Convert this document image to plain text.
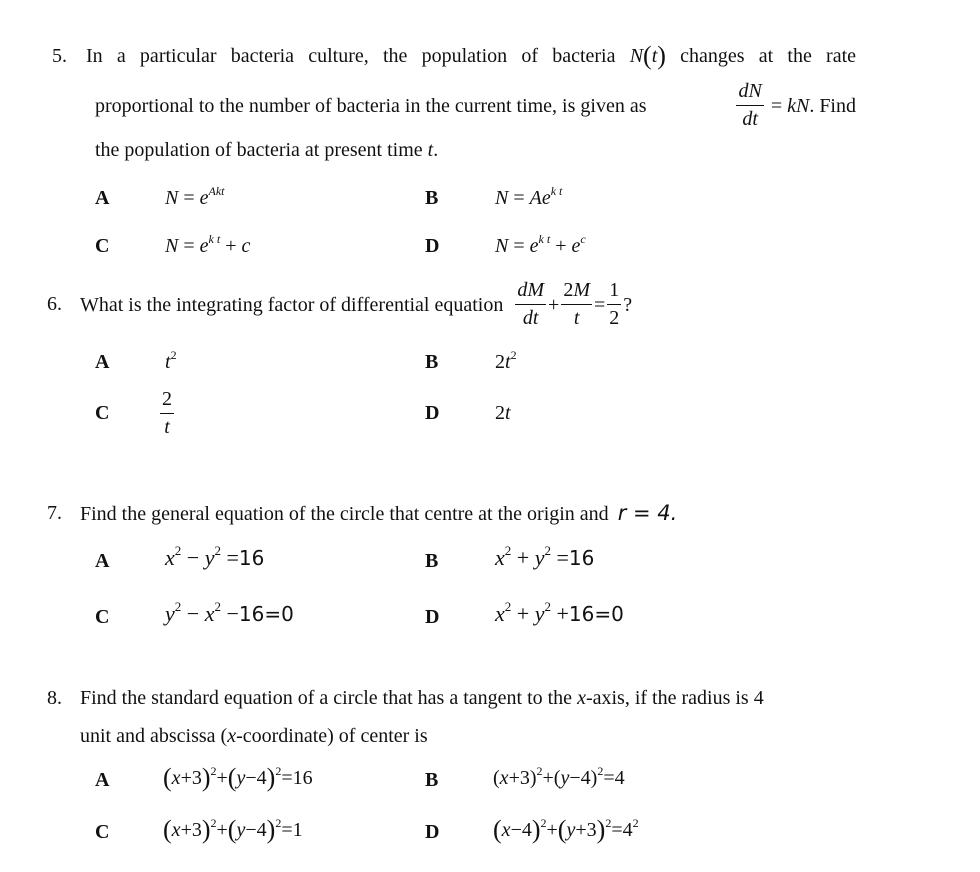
5. In a particular bacteria culture, the population of bacteria N(t) changes at the rate
proportional to the number of bacteria in the current time, is given as	$\frac{dN}{dt}$ = kN . Find
the population of bacteria at present time t.
A	$N = e^{Akt}$	B	$N = Ae^{k t}$
C	$N = e^{k t} + c$	D	$N = e^{k t} + e^c$
6. What is the integrating factor of differential equation
$\frac{dM}{dt} + \frac{2M}{t} = \frac{1}{2}$ ?
A	$t^2$	B	$2t^2$
C	$\frac{2}{t}$	D	2t
7. Find the general equation of the circle that centre at the origin and r = 4.
A	$x^2 - y^2 =16$	B	$x^2 + y^2 =16$
C	$y^2 - x^2 -16=0$	D	$x^2 + y^2 +16=0$
8. Find the standard equation of a circle that has a tangent to the x-axis, if the radius is 4
unit and abscissa (x-coordinate) of center is
A $(x+3)^2+(y-4)^2=16$	B	$(x+3)^2+(y-4)^2=4$
C $(x+3)^2+(y-4)^2=1$	D $(x-4)^2+(y+3)^2=4^2$
